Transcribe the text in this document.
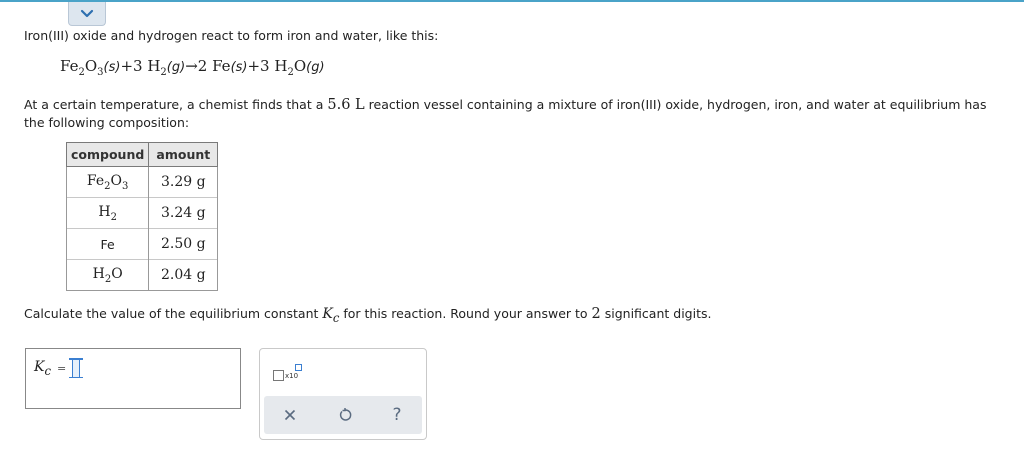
Iron(III) oxide and hydrogen react to form iron and water, like this:
$Fe_2O_3(s)+3$ $H_2(g)\to 2$ Fe(s)+3 $H_2O(g)$
At a certain temperature, a chemist finds that a 5.6 L reaction vessel containing a mixture of iron(III) oxide, hydrogen, iron, and water at equilibrium has the following composition:
compound	amount
$Fe_2O_3$	3.29 g
$H_2$	3.24 g
Fe	2.50 g
$H_2O$	2.04 g
Calculate the value of the equilibrium constant $K_c$ for this reaction. Round your answer to 2 significant digits.
$K_c$ =
x10
?
